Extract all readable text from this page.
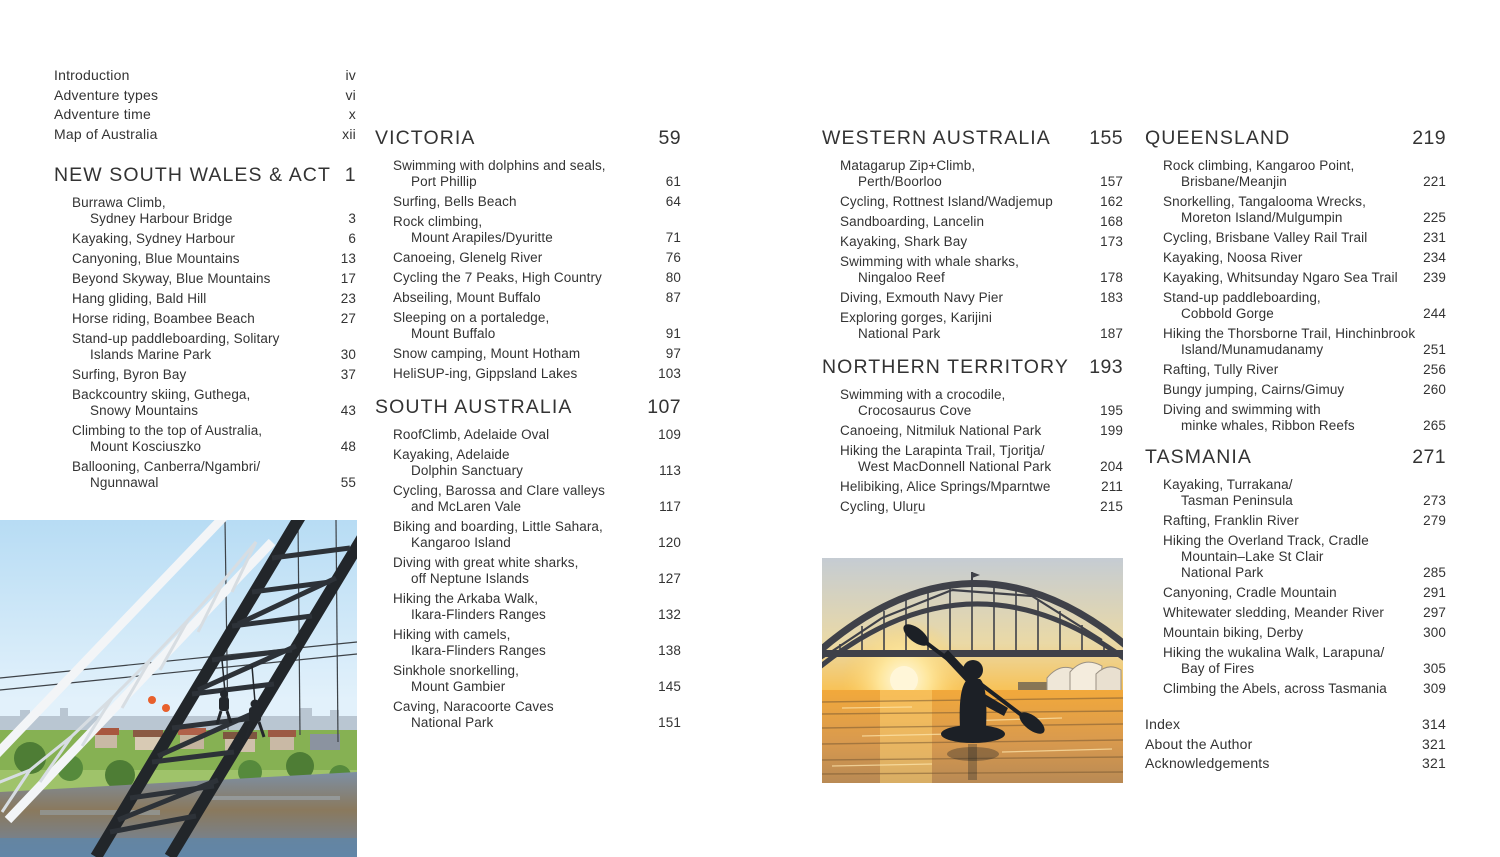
Introduction	iv
Adventure types	vi
Adventure time	x
Map of Australia	xii
NEW SOUTH WALES & ACT 1
Burrawa Climb,
Sydney Harbour Bridge	3
Kayaking, Sydney Harbour	6
Canyoning, Blue Mountains	13
Beyond Skyway, Blue Mountains	17
Hang gliding, Bald Hill	23
Horse riding, Boambee Beach	27
Stand-up paddleboarding, Solitary
Islands Marine Park	30
Surfing, Byron Bay	37
Backcountry skiing, Guthega,
Snowy Mountains	43
Climbing to the top of Australia,
Mount Kosciuszko	48
Ballooning, Canberra/Ngambri/
Ngunnawal	55
VICTORIA	59
Swimming with dolphins and seals,
Port Phillip	61
Surfing, Bells Beach	64
Rock climbing,
Mount Arapiles/Dyuritte	71
Canoeing, Glenelg River	76
Cycling the 7 Peaks, High Country	80
Abseiling, Mount Buffalo	87
Sleeping on a portaledge,
Mount Buffalo	91
Snow camping, Mount Hotham	97
HeliSUP-ing, Gippsland Lakes	103
SOUTH AUSTRALIA	107
RoofClimb, Adelaide Oval	109
Kayaking, Adelaide
Dolphin Sanctuary	113
Cycling, Barossa and Clare valleys
and McLaren Vale	117
Biking and boarding, Little Sahara,
Kangaroo Island	120
Diving with great white sharks,
off Neptune Islands	127
Hiking the Arkaba Walk,
Ikara-Flinders Ranges	132
Hiking with camels,
Ikara-Flinders Ranges	138
Sinkhole snorkelling,
Mount Gambier	145
Caving, Naracoorte Caves
National Park	151
WESTERN AUSTRALIA 155
Matagarup Zip+Climb,
Perth/Boorloo	157
Cycling, Rottnest Island/Wadjemup	162
Sandboarding, Lancelin	168
Kayaking, Shark Bay	173
Swimming with whale sharks,
Ningaloo Reef	178
Diving, Exmouth Navy Pier	183
Exploring gorges, Karijini
National Park	187
NORTHERN TERRITORY 193
Swimming with a crocodile,
Crocosaurus Cove	195
Canoeing, Nitmiluk National Park	199
Hiking the Larapinta Trail, Tjoritja/
West MacDonnell National Park	204
Helibiking, Alice Springs/Mparntwe	211
Cycling, Uluṟu	215
QUEENSLAND	219
Rock climbing, Kangaroo Point,
Brisbane/Meanjin	221
Snorkelling, Tangalooma Wrecks,
Moreton Island/Mulgumpin	225
Cycling, Brisbane Valley Rail Trail	231
Kayaking, Noosa River	234
Kayaking, Whitsunday Ngaro Sea Trail	239
Stand-up paddleboarding,
Cobbold Gorge	244
Hiking the Thorsborne Trail, Hinchinbrook
Island/Munamudanamy	251
Rafting, Tully River	256
Bungy jumping, Cairns/Gimuy	260
Diving and swimming with
minke whales, Ribbon Reefs	265
TASMANIA	271
Kayaking, Turrakana/
Tasman Peninsula	273
Rafting, Franklin River	279
Hiking the Overland Track, Cradle
Mountain–Lake St Clair
National Park	285
Canyoning, Cradle Mountain	291
Whitewater sledding, Meander River	297
Mountain biking, Derby	300
Hiking the wukalina Walk, Larapuna/
Bay of Fires	305
Climbing the Abels, across Tasmania	309
Index	314
About the Author	321
Acknowledgements	321
